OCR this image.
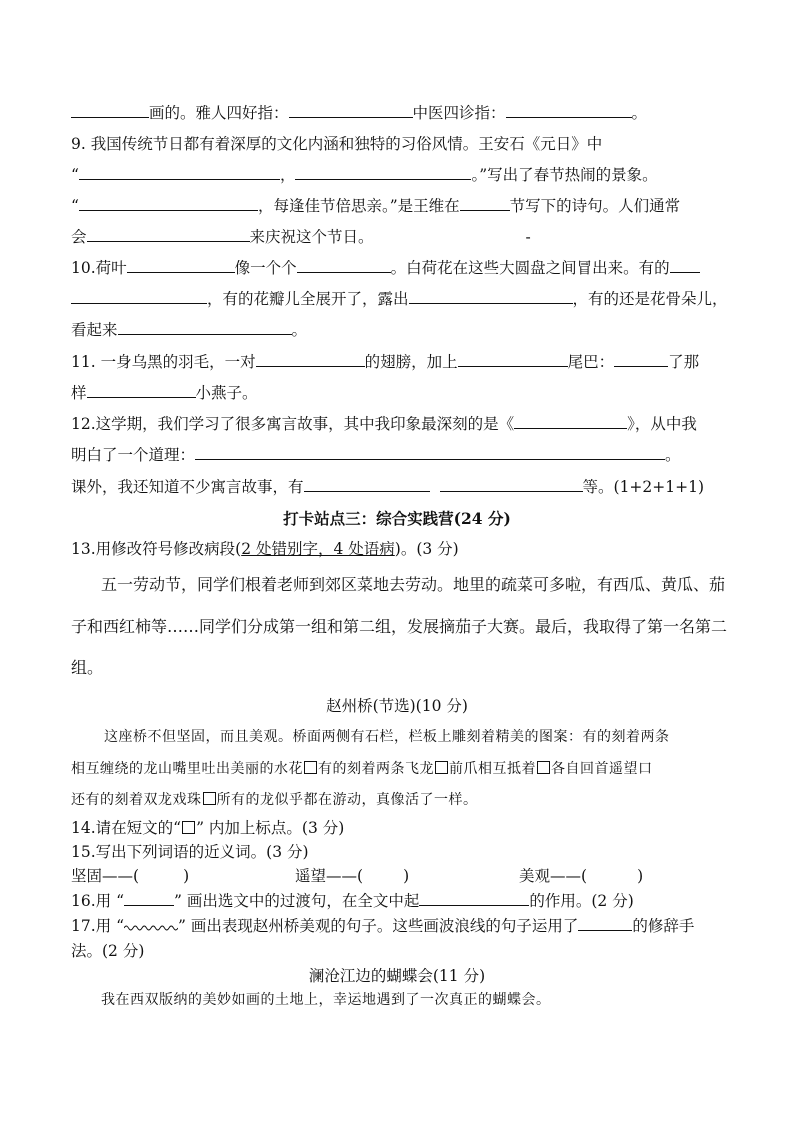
画的。雅人四好指：	中医四诊指：	。
9. 我国传统节日都有着深厚的文化内涵和独特的习俗风情。王安石《元日》中
“	，	。”写出了春节热闹的景象。
“	，每逢佳节倍思亲。”是王维在	节写下的诗句。人们通常
会	来庆祝这个节日。	-
10.荷叶	像一个个	。白荷花在这些大圆盘之间冒出来。有的
，有的花瓣儿全展开了，露出	，有的还是花骨朵儿，
看起来	。
11. 一身乌黑的羽毛，一对	的翅膀，加上	尾巴：	了那
样	小燕子。
12.这学期，我们学习了很多寓言故事，其中我印象最深刻的是《	》，从中我
明白了一个道理：	。
课外，我还知道不少寓言故事，有	等。(1+2+1+1)
打卡站点三：综合实践营(24 分)
13.用修改符号修改病段(2 处错别字，4 处语病)。(3 分)
五一劳动节，同学们根着老师到郊区菜地去劳动。地里的疏菜可多啦，有西瓜、黄瓜、茄
子和西红柿等……同学们分成第一组和第二组，发展摘茄子大赛。最后，我取得了第一名第二
组。
赵州桥(节选)(10 分)
这座桥不但坚固，而且美观。桥面两侧有石栏，栏板上雕刻着精美的图案：有的刻着两条
相互缠绕的龙山嘴里吐出美丽的水花 有的刻着两条飞龙 前爪相互抵着 各自回首遥望口
还有的刻着双龙戏珠 所有的龙似乎都在游动，真像活了一样。
14.请在短文的“ ” 内加上标点。(3 分)
15.写出下列词语的近义词。(3 分)
坚固——(	)	遥望——(	)	美观——(	)
16.用 “	” 画出选文中的过渡句，在全文中起	的作用。(2 分)
17.用 “	” 画出表现赵州桥美观的句子。这些画波浪线的句子运用了	的修辞手
法。(2 分)
澜沧江边的蝴蝶会(11 分)
我在西双版纳的美妙如画的土地上，幸运地遇到了一次真正的蝴蝶会。
